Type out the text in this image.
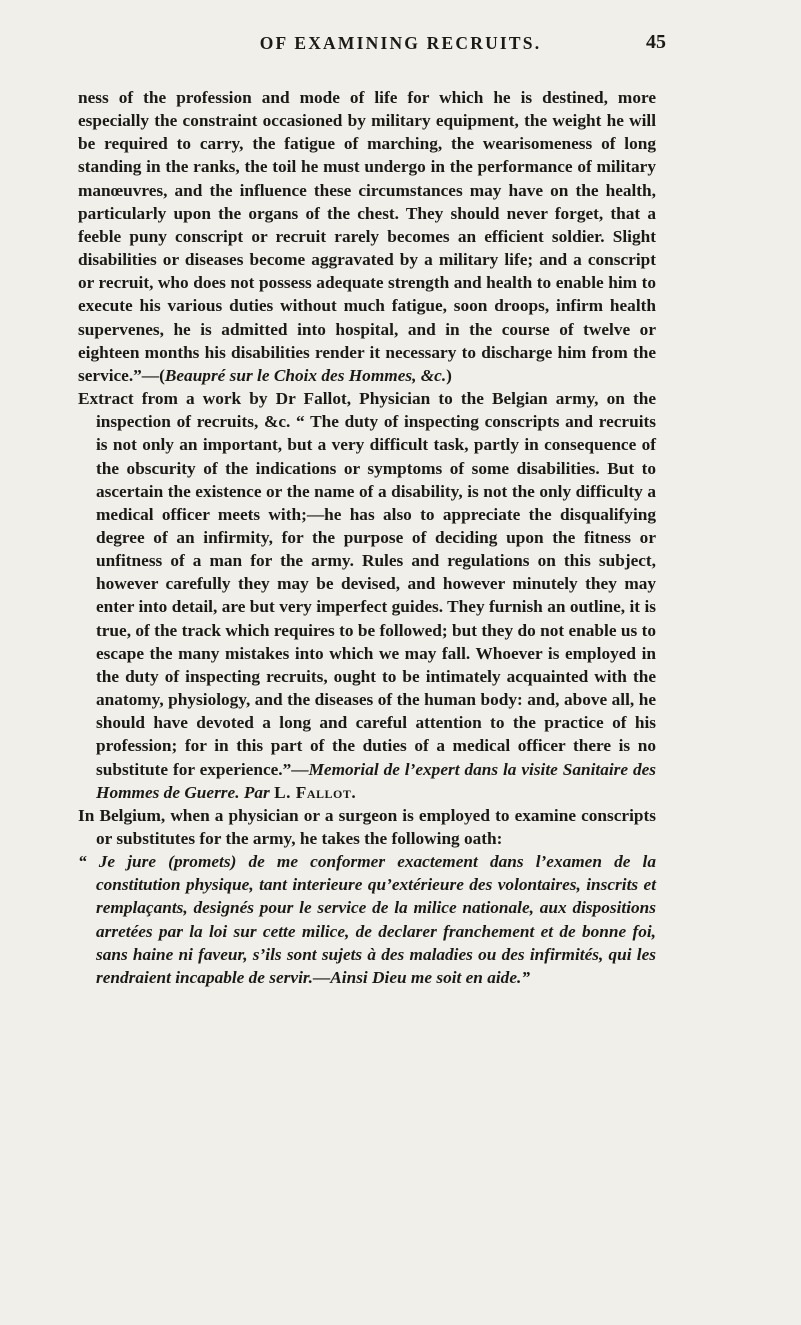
OF EXAMINING RECRUITS.	45

ness of the profession and mode of life for which he is destined, more especially the constraint occasioned by military equipment, the weight he will be required to carry, the fatigue of marching, the wearisomeness of long standing in the ranks, the toil he must undergo in the performance of military manœuvres, and the influence these circumstances may have on the health, particularly upon the organs of the chest. They should never forget, that a feeble puny conscript or recruit rarely becomes an efficient soldier. Slight disabilities or diseases become aggravated by a military life; and a conscript or recruit, who does not possess adequate strength and health to enable him to execute his various duties without much fatigue, soon droops, infirm health supervenes, he is admitted into hospital, and in the course of twelve or eighteen months his disabilities render it necessary to discharge him from the service.”—(Beaupré sur le Choix des Hommes, &c.)

Extract from a work by Dr Fallot, Physician to the Belgian army, on the inspection of recruits, &c. “ The duty of inspecting conscripts and recruits is not only an important, but a very difficult task, partly in consequence of the obscurity of the indications or symptoms of some disabilities. But to ascertain the existence or the name of a disability, is not the only difficulty a medical officer meets with;—he has also to appreciate the disqualifying degree of an infirmity, for the purpose of deciding upon the fitness or unfitness of a man for the army. Rules and regulations on this subject, however carefully they may be devised, and however minutely they may enter into detail, are but very imperfect guides. They furnish an outline, it is true, of the track which requires to be followed; but they do not enable us to escape the many mistakes into which we may fall. Whoever is employed in the duty of inspecting recruits, ought to be intimately acquainted with the anatomy, physiology, and the diseases of the human body: and, above all, he should have devoted a long and careful attention to the practice of his profession; for in this part of the duties of a medical officer there is no substitute for experience.”—Memorial de l’expert dans la visite Sanitaire des Hommes de Guerre. Par L. Fallot.

In Belgium, when a physician or a surgeon is employed to examine conscripts or substitutes for the army, he takes the following oath:

“ Je jure (promets) de me conformer exactement dans l’examen de la constitution physique, tant interieure qu’extérieure des volontaires, inscrits et remplaçants, designés pour le service de la milice nationale, aux dispositions arretées par la loi sur cette milice, de declarer franchement et de bonne foi, sans haine ni faveur, s’ils sont sujets à des maladies ou des infirmités, qui les rendraient incapable de servir.—Ainsi Dieu me soit en aide.”
